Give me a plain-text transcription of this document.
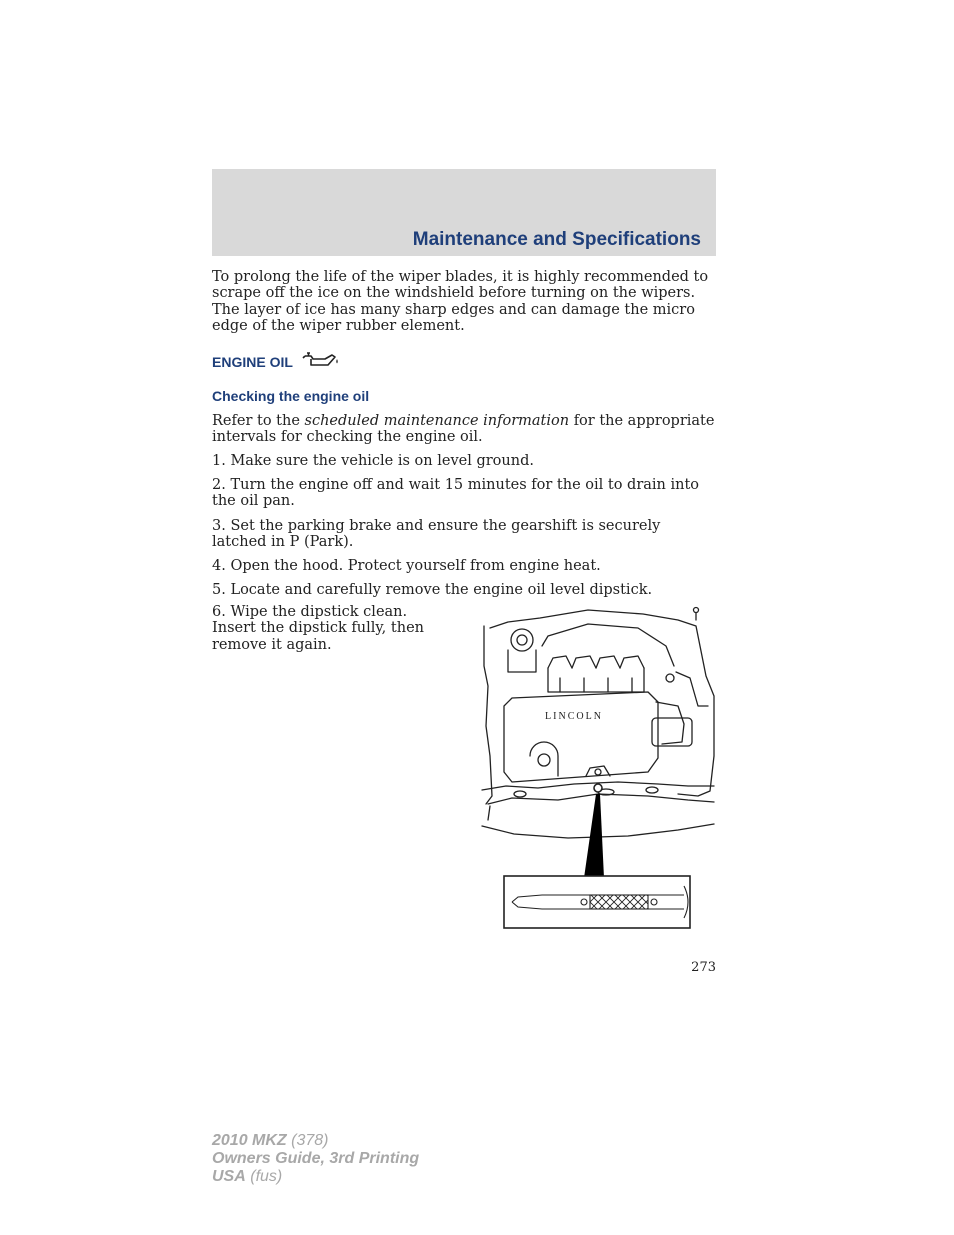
Maintenance and Specifications
To prolong the life of the wiper blades, it is highly recommended to scrape off the ice on the windshield before turning on the wipers. The layer of ice has many sharp edges and can damage the micro edge of the wiper rubber element.
ENGINE OIL
Checking the engine oil
Refer to the scheduled maintenance information for the appropriate intervals for checking the engine oil.
1. Make sure the vehicle is on level ground.
2. Turn the engine off and wait 15 minutes for the oil to drain into the oil pan.
3. Set the parking brake and ensure the gearshift is securely latched in P (Park).
4. Open the hood. Protect yourself from engine heat.
5. Locate and carefully remove the engine oil level dipstick.
6. Wipe the dipstick clean. Insert the dipstick fully, then remove it again.
LINCOLN
273
2010 MKZ (378)
Owners Guide, 3rd Printing
USA (fus)
